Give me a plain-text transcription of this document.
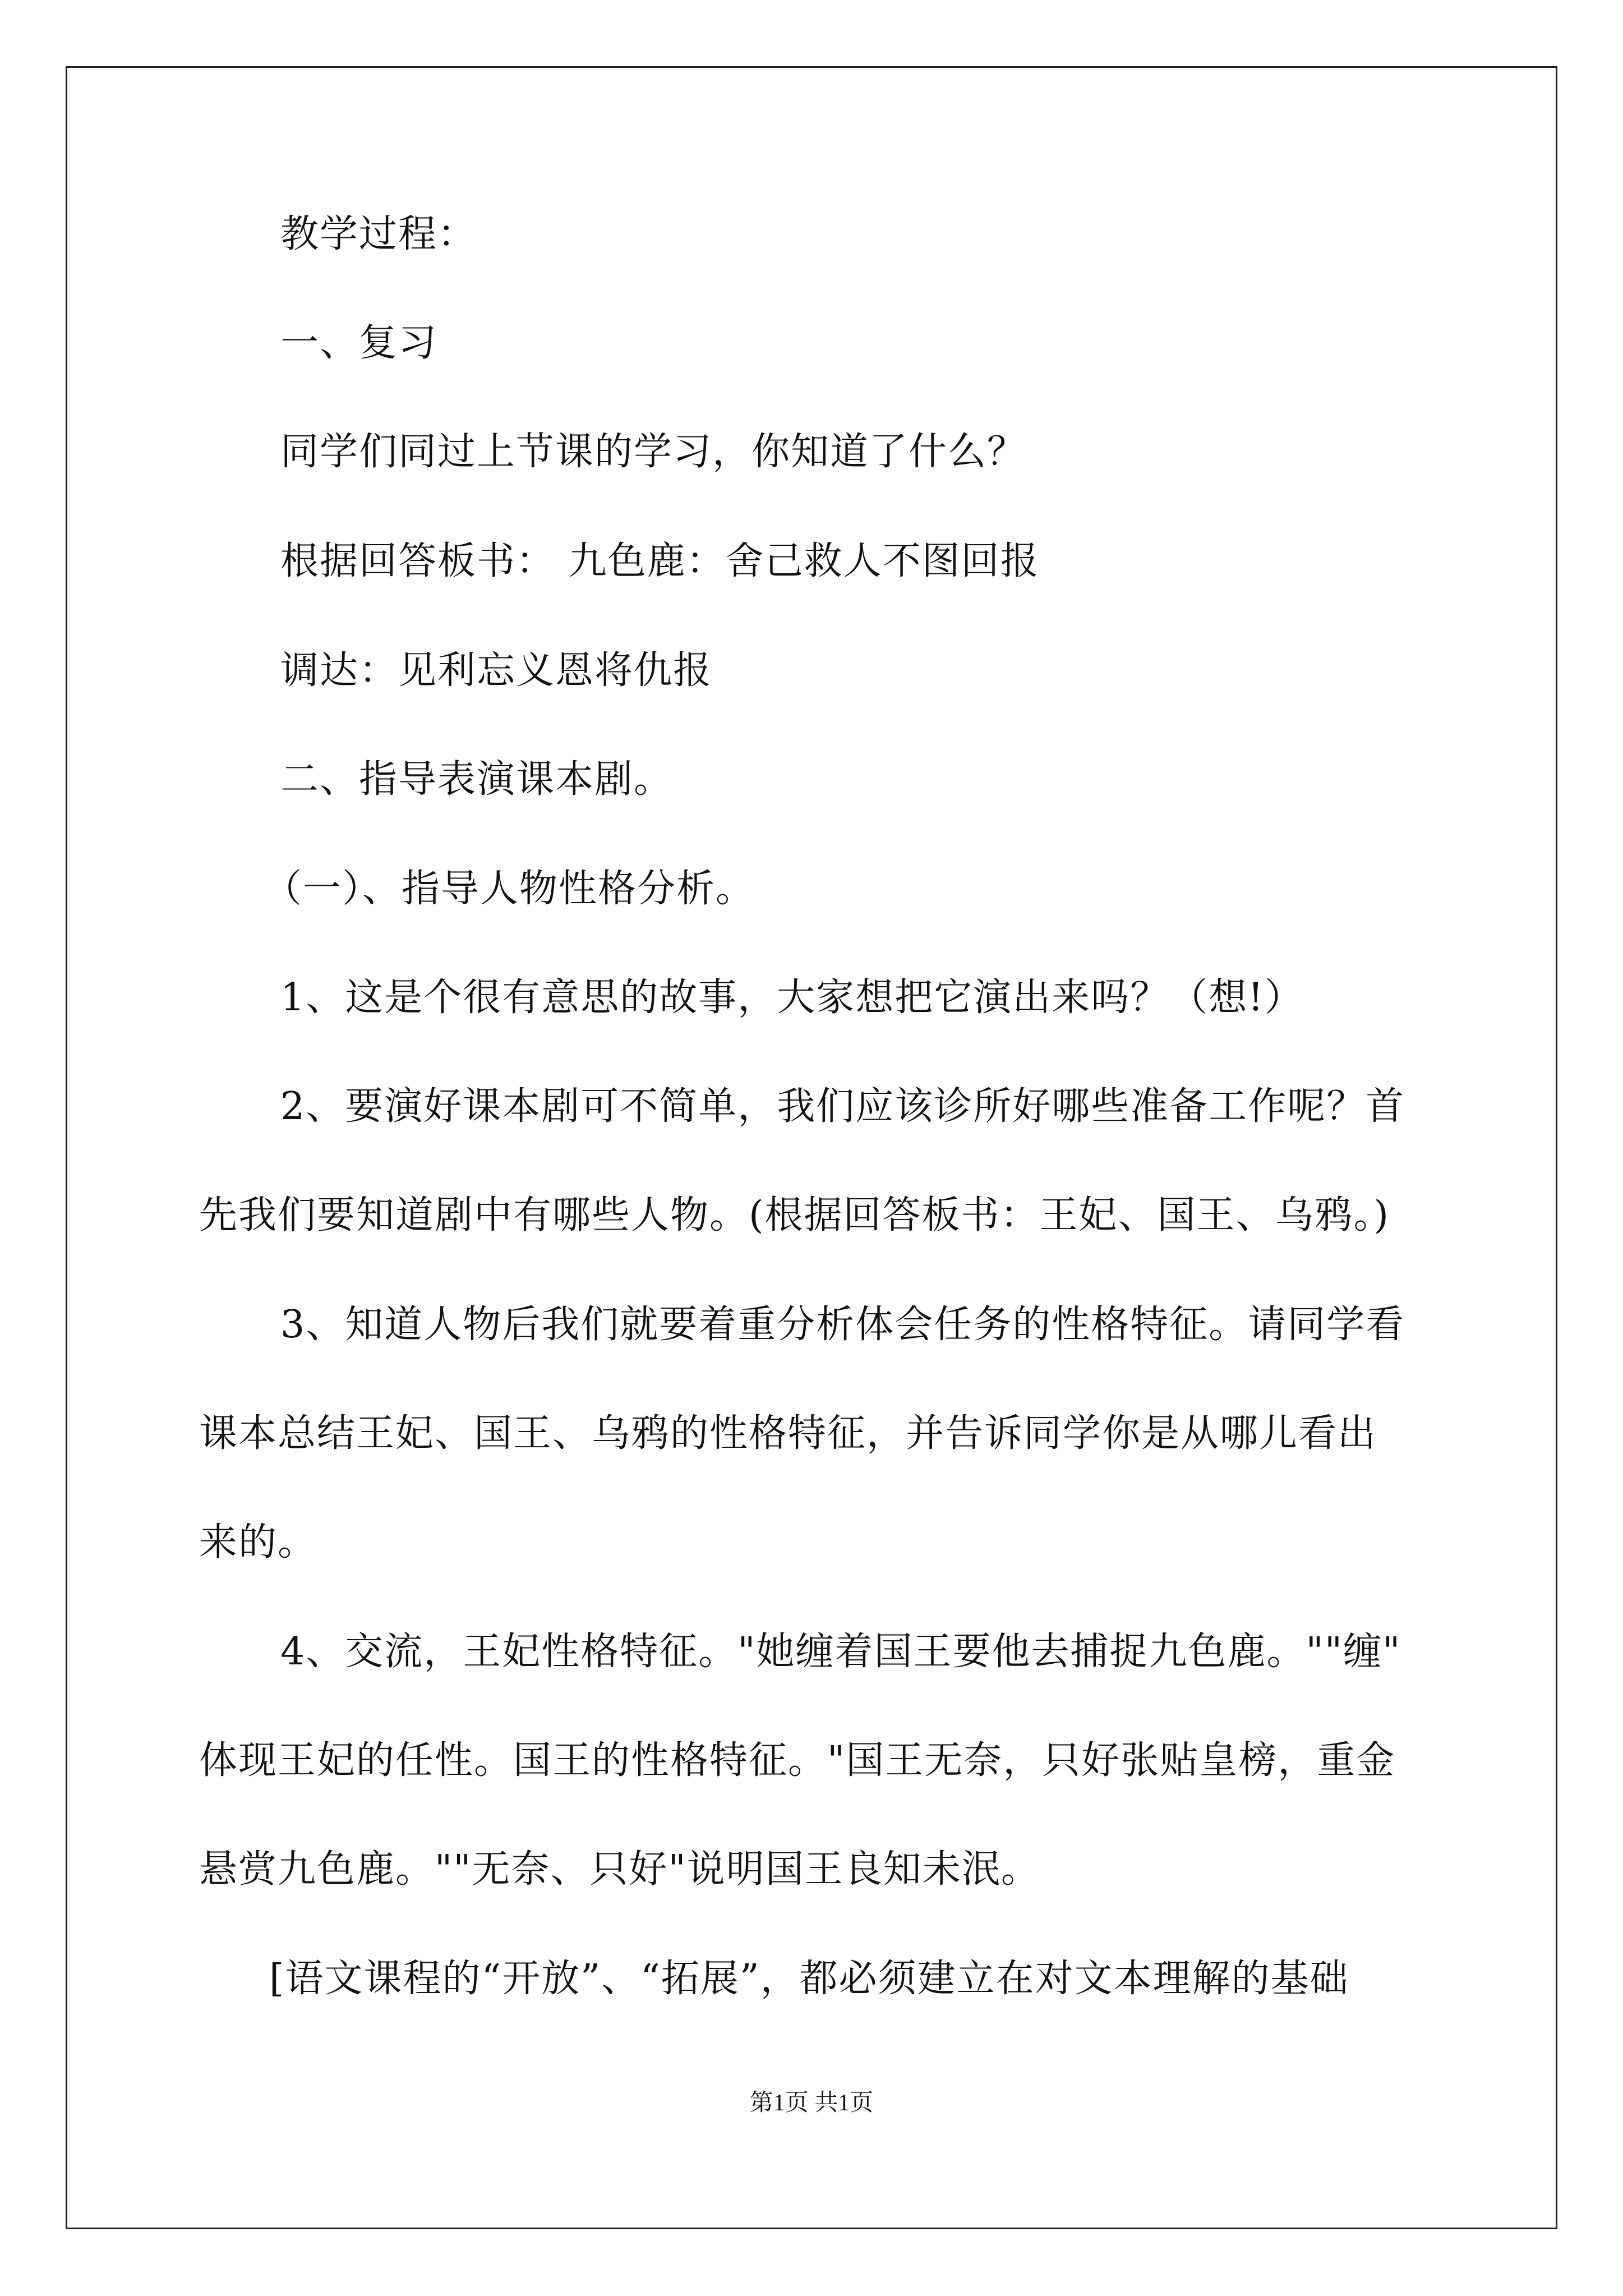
教学过程：
一、复习
同学们同过上节课的学习，你知道了什么？
根据回答板书： 九色鹿：舍己救人不图回报
调达：见利忘义恩将仇报
二、指导表演课本剧。
（一）、指导人物性格分析。
1、这是个很有意思的故事，大家想把它演出来吗？（想!）
2、要演好课本剧可不简单，我们应该诊所好哪些准备工作呢？首
先我们要知道剧中有哪些人物。(根据回答板书：王妃、国王、乌鸦。)
3、知道人物后我们就要着重分析体会任务的性格特征。请同学看
课本总结王妃、国王、乌鸦的性格特征，并告诉同学你是从哪儿看出
来的。
4、交流，王妃性格特征。"她缠着国王要他去捕捉九色鹿。""缠"
体现王妃的任性。国王的性格特征。"国王无奈，只好张贴皇榜，重金
悬赏九色鹿。""无奈、只好"说明国王良知未泯。
[语文课程的“开放”、“拓展”，都必须建立在对文本理解的基础
第1页 共1页
